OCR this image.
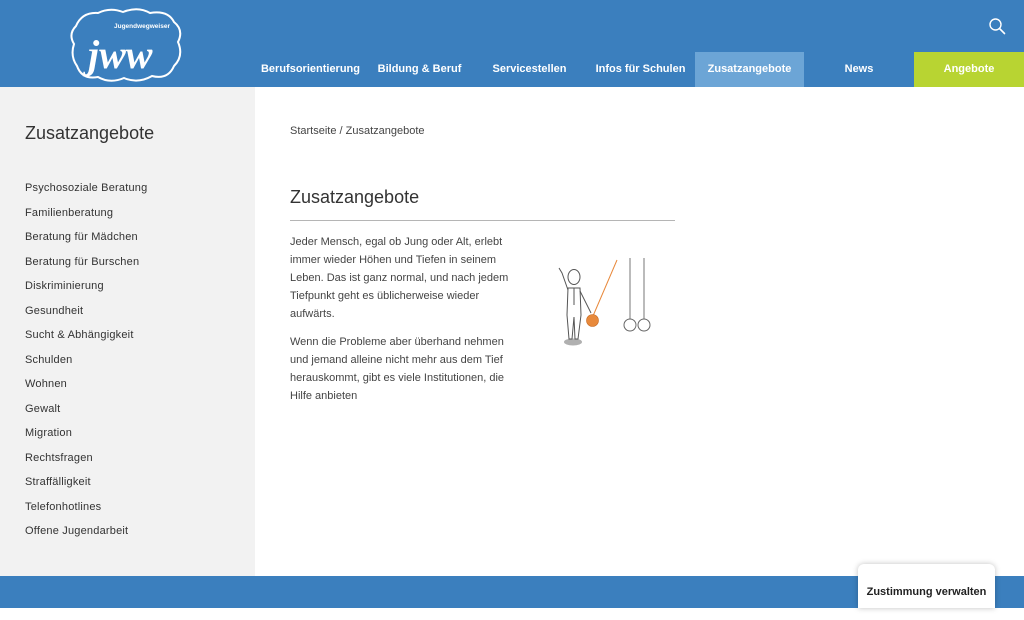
Jugendwegweiser
jww	Berufsorientierung	Bildung & Beruf	Servicestellen	Infos für Schulen	Zusatzangebote	News	Angebote
Zusatzangebote
Psychosoziale Beratung
Familienberatung
Beratung für Mädchen
Beratung für Burschen
Diskriminierung
Gesundheit
Sucht & Abhängigkeit
Schulden
Wohnen
Gewalt
Migration
Rechtsfragen
Straffälligkeit
Telefonhotlines
Offene Jugendarbeit
Startseite / Zusatzangebote
Zusatzangebote

Jeder Mensch, egal ob Jung oder Alt, erlebt immer wieder Höhen und Tiefen in seinem Leben. Das ist ganz normal, und nach jedem Tiefpunkt geht es üblicherweise wieder aufwärts.

Wenn die Probleme aber überhand nehmen und jemand alleine nicht mehr aus dem Tief herauskommt, gibt es viele Institutionen, die Hilfe anbieten

Zustimmung verwalten
